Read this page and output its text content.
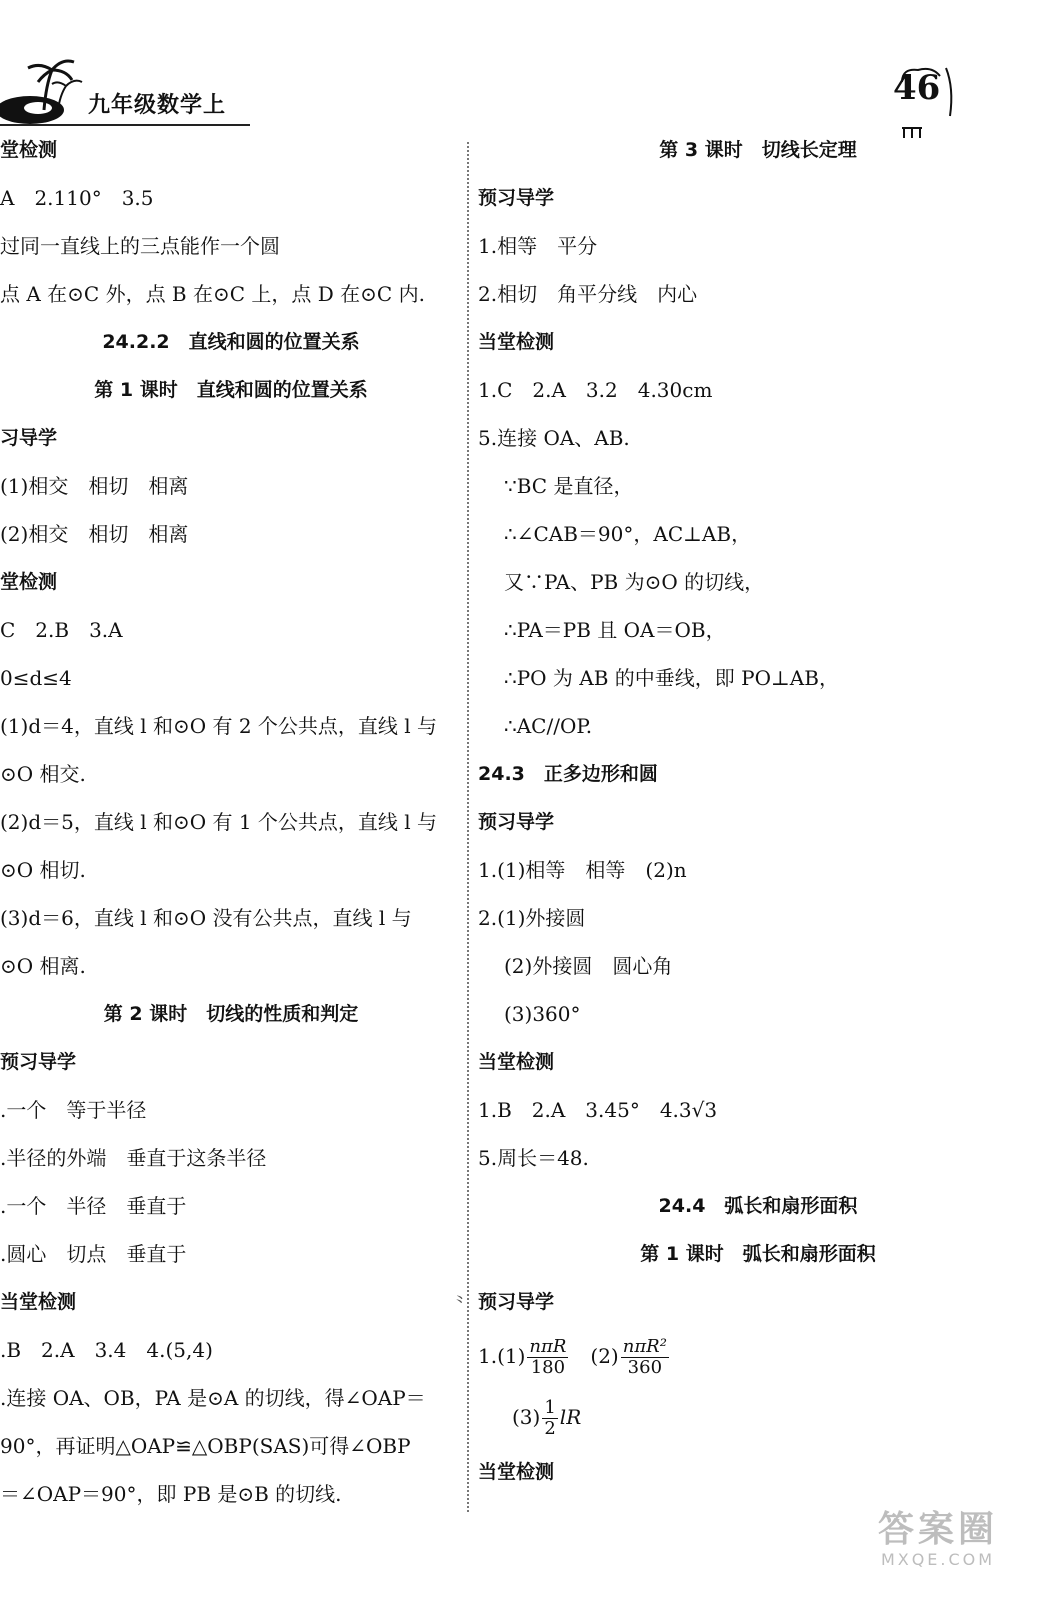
九年级数学上	46
堂检测
A　2.110°　3.5
过同一直线上的三点能作一个圆
点 A 在⊙C 外，点 B 在⊙C 上，点 D 在⊙C 内.
24.2.2　直线和圆的位置关系
第 1 课时　直线和圆的位置关系
习导学
(1)相交　相切　相离
(2)相交　相切　相离
堂检测
C　2.B　3.A
0≤d≤4
(1)d＝4，直线 l 和⊙O 有 2 个公共点，直线 l 与
⊙O 相交.
(2)d＝5，直线 l 和⊙O 有 1 个公共点，直线 l 与
⊙O 相切.
(3)d＝6，直线 l 和⊙O 没有公共点，直线 l 与
⊙O 相离.
第 2 课时　切线的性质和判定
预习导学
.一个　等于半径
.半径的外端　垂直于这条半径
.一个　半径　垂直于
.圆心　切点　垂直于
当堂检测
.B　2.A　3.4　4.(5,4)
.连接 OA、OB，PA 是⊙A 的切线，得∠OAP＝
90°，再证明△OAP≌△OBP(SAS)可得∠OBP
＝∠OAP＝90°，即 PB 是⊙B 的切线.
第 3 课时　切线长定理
预习导学
1.相等　平分
2.相切　角平分线　内心
当堂检测
1.C　2.A　3.2　4.30cm
5.连接 OA、AB.
∵BC 是直径，
∴∠CAB＝90°，AC⊥AB，
又∵PA、PB 为⊙O 的切线，
∴PA＝PB 且 OA＝OB，
∴PO 为 AB 的中垂线，即 PO⊥AB，
∴AC//OP.
24.3　正多边形和圆
预习导学
1.(1)相等　相等　(2)n
2.(1)外接圆
(2)外接圆　圆心角
(3)360°
当堂检测
1.B　2.A　3.45°　4.3√3
5.周长＝48.
24.4　弧长和扇形面积
第 1 课时　弧长和扇形面积
预习导学
$1.(1) \frac{\text{nπR}}{180}$ 　$(2) \frac{\text{nπR²}}{360}$
$(3) \frac{1}{2}$ lR
当堂检测
⺀
答案圈
MXQE.COM
